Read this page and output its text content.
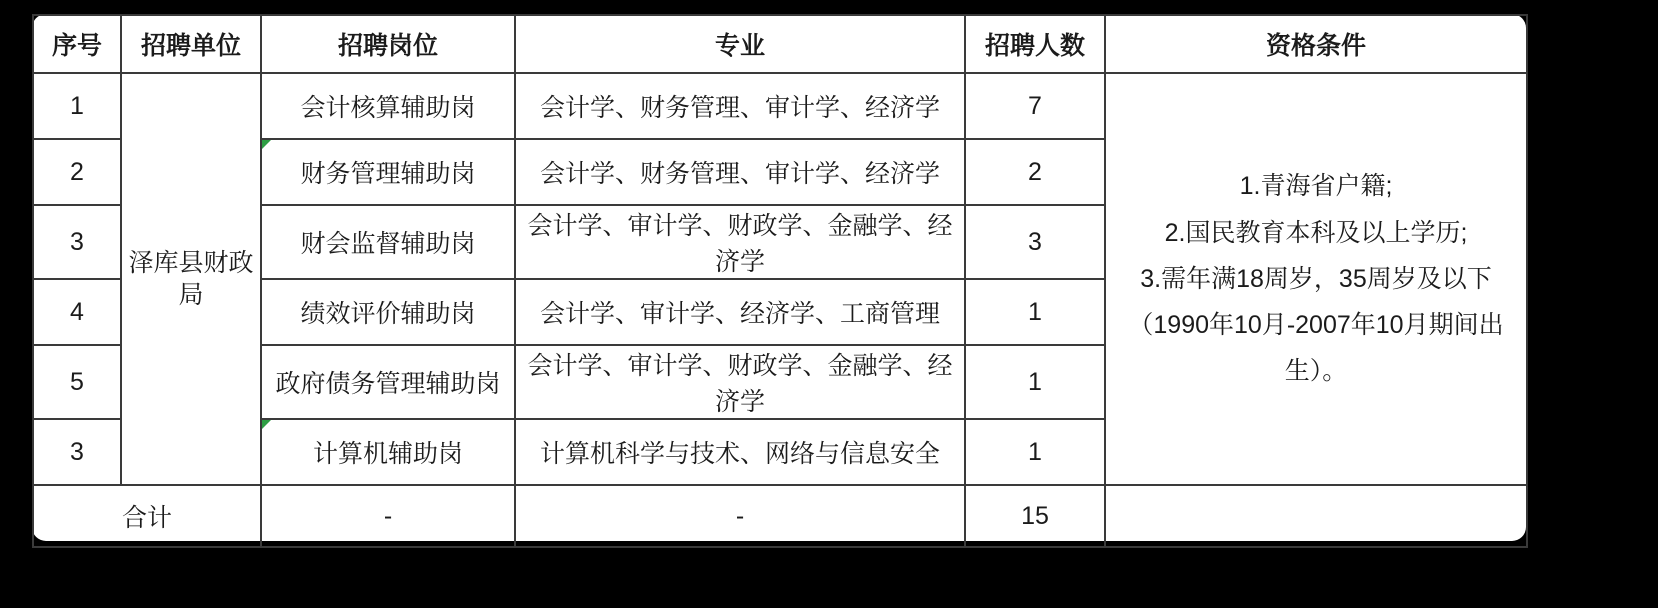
序号	招聘单位	招聘岗位	专业	招聘人数	资格条件
1	泽库县财政局	会计核算辅助岗	会计学、财务管理、审计学、经济学	7	1.青海省户籍;
2.国民教育本科及以上学历;
3.需年满18周岁，35周岁及以下（1990年10月-2007年10月期间出生）。

2		财务管理辅助岗	会计学、财务管理、审计学、经济学	2	
3		财会监督辅助岗	会计学、审计学、财政学、金融学、经济学	3	
4		绩效评价辅助岗	会计学、审计学、经济学、工商管理	1	
5		政府债务管理辅助岗	会计学、审计学、财政学、金融学、经济学	1	
3		计算机辅助岗	计算机科学与技术、网络与信息安全	1	
合计		-	-	15	
